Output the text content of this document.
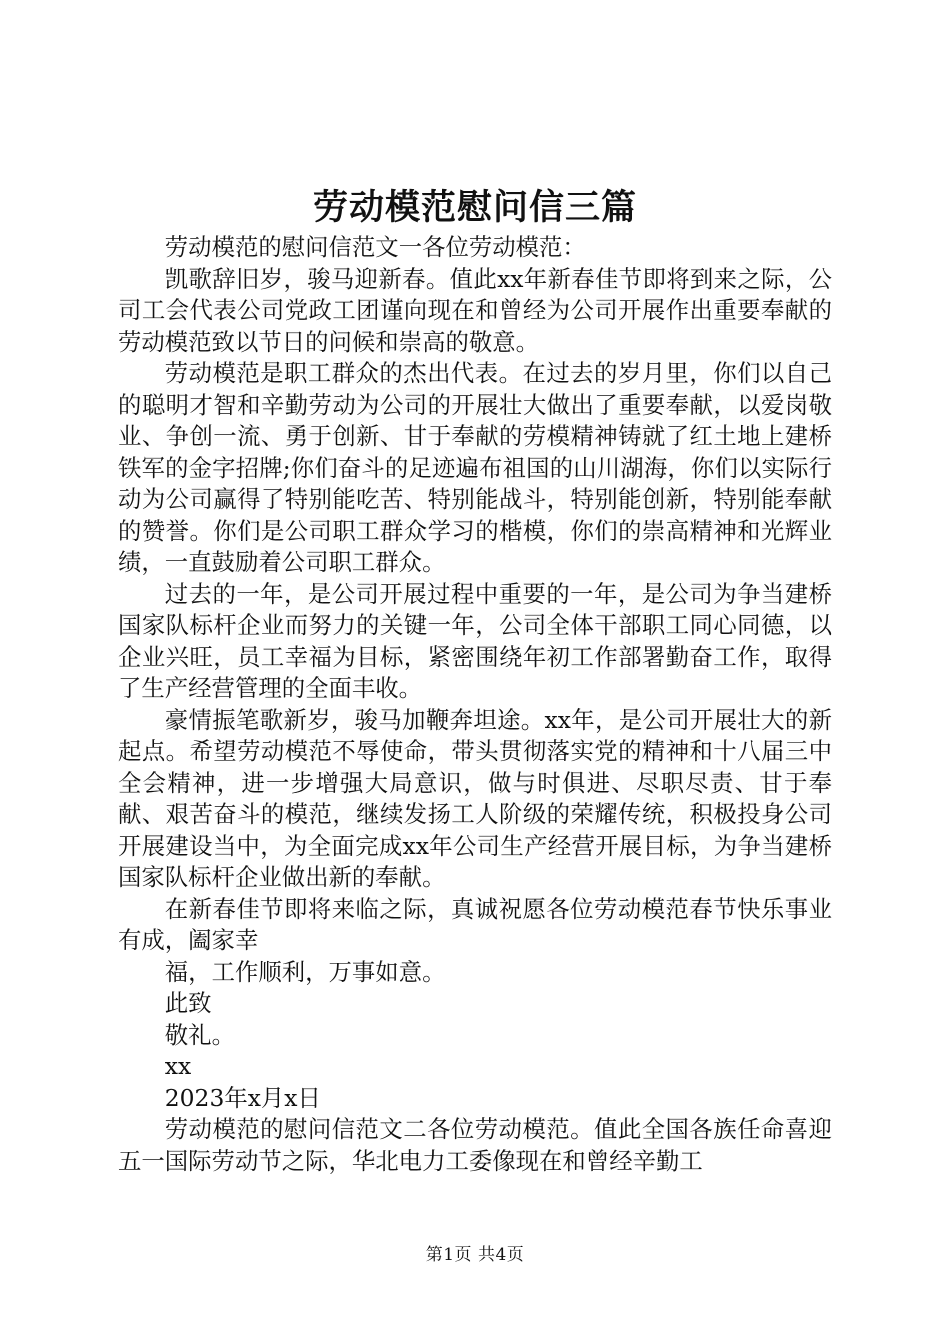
劳动模范慰问信三篇

劳动模范的慰问信范文一各位劳动模范：

凯歌辞旧岁，骏马迎新春。值此xx年新春佳节即将到来之际，公司工会代表公司党政工团谨向现在和曾经为公司开展作出重要奉献的劳动模范致以节日的问候和崇高的敬意。

劳动模范是职工群众的杰出代表。在过去的岁月里，你们以自己的聪明才智和辛勤劳动为公司的开展壮大做出了重要奉献，以爱岗敬业、争创一流、勇于创新、甘于奉献的劳模精神铸就了红土地上建桥铁军的金字招牌;你们奋斗的足迹遍布祖国的山川湖海，你们以实际行动为公司赢得了特别能吃苦、特别能战斗，特别能创新，特别能奉献的赞誉。你们是公司职工群众学习的楷模，你们的崇高精神和光辉业绩，一直鼓励着公司职工群众。

过去的一年，是公司开展过程中重要的一年，是公司为争当建桥国家队标杆企业而努力的关键一年，公司全体干部职工同心同德，以企业兴旺，员工幸福为目标，紧密围绕年初工作部署勤奋工作，取得了生产经营管理的全面丰收。

豪情振笔歌新岁，骏马加鞭奔坦途。xx年，是公司开展壮大的新起点。希望劳动模范不辱使命，带头贯彻落实党的精神和十八届三中全会精神，进一步增强大局意识，做与时俱进、尽职尽责、甘于奉献、艰苦奋斗的模范，继续发扬工人阶级的荣耀传统，积极投身公司开展建设当中，为全面完成xx年公司生产经营开展目标，为争当建桥国家队标杆企业做出新的奉献。

在新春佳节即将来临之际，真诚祝愿各位劳动模范春节快乐事业有成，阖家幸

福，工作顺利，万事如意。

此致

敬礼。

xx

2023年x月x日

劳动模范的慰问信范文二各位劳动模范。值此全国各族任命喜迎五一国际劳动节之际，华北电力工委像现在和曾经辛勤工

第1页 共4页
